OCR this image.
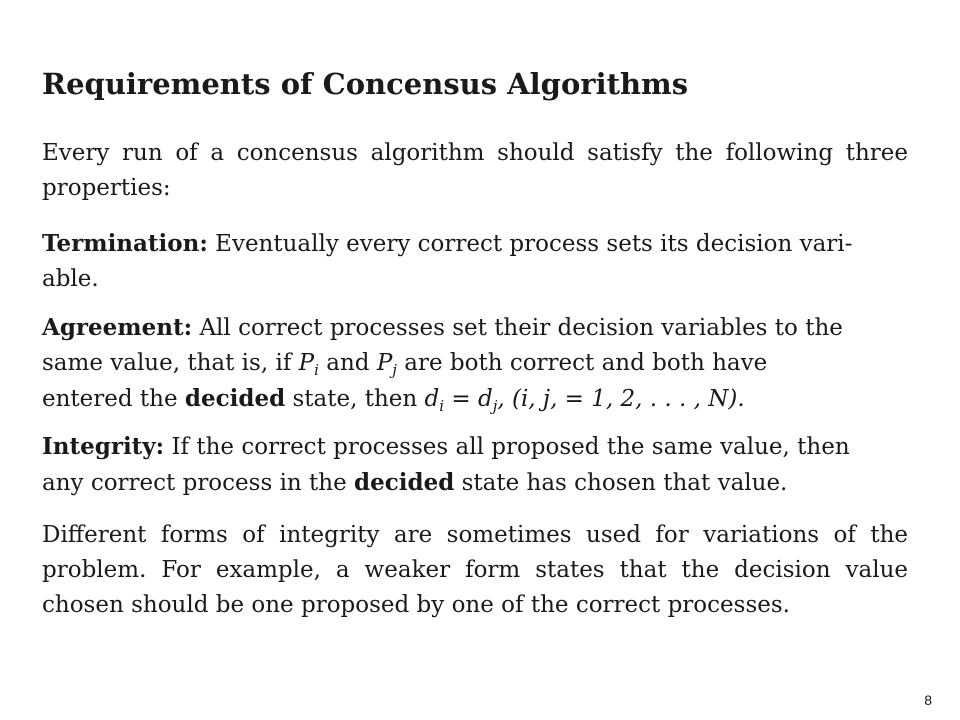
Requirements of Concensus Algorithms

Every run of a concensus algorithm should satisfy the following three properties:

Termination: Eventually every correct process sets its decision vari-
able.
Agreement: All correct processes set their decision variables to the
same value, that is, if $P_i$ and $P_j$ are both correct and both have
entered the decided state, then $d_i = d_j$, (i, j, = 1, 2, . . . , N).
Integrity: If the correct processes all proposed the same value, then
any correct process in the decided state has chosen that value.

Different forms of integrity are sometimes used for variations of the problem. For example, a weaker form states that the decision value chosen should be one proposed by one of the correct processes.

8
